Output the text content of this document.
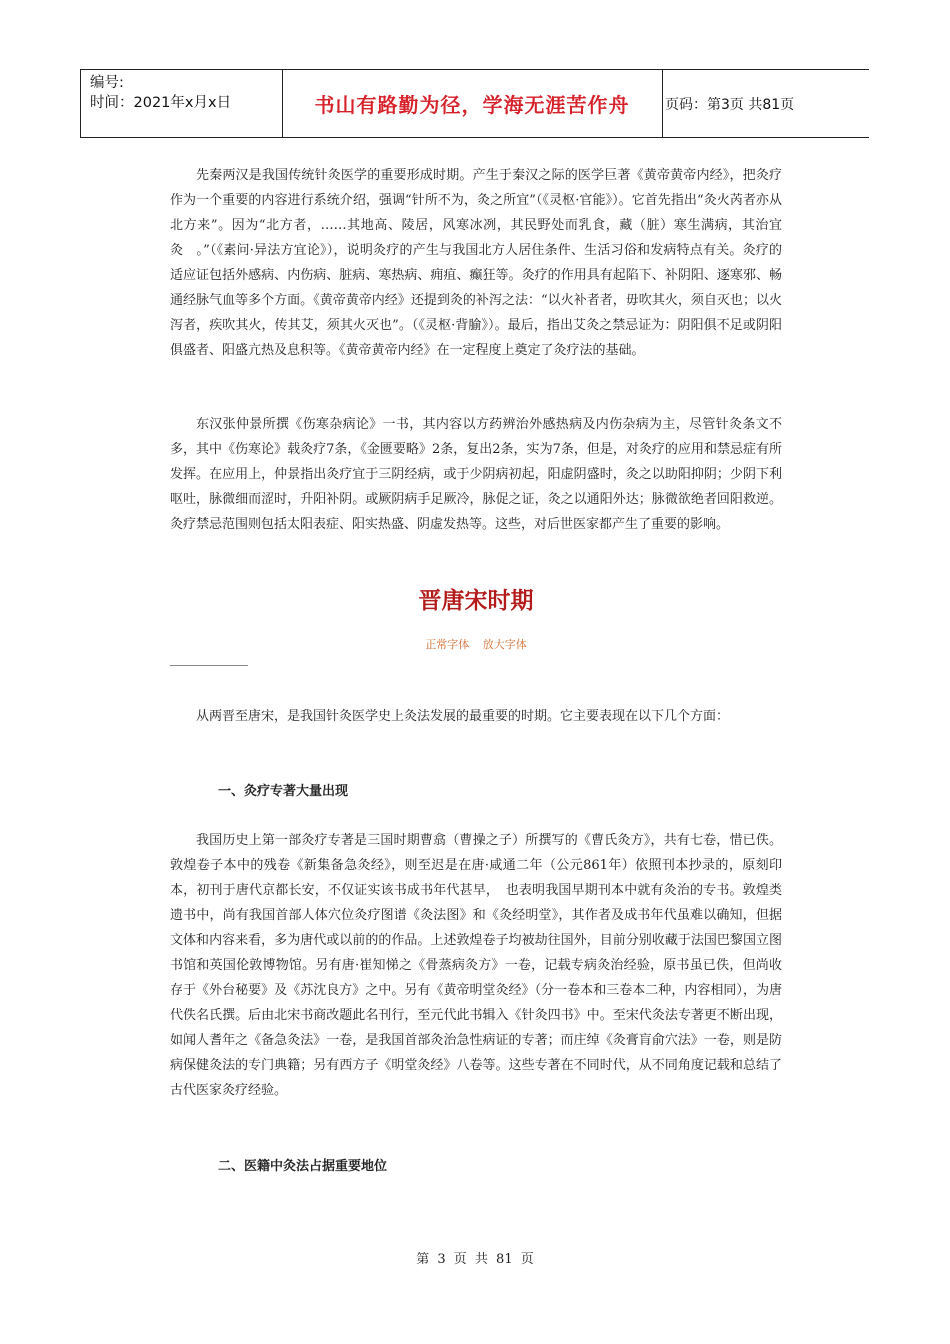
编号:
时间：2021年x月x日	书山有路勤为径，学海无涯苦作舟	页码：第3页 共81页

先秦两汉是我国传统针灸医学的重要形成时期。产生于秦汉之际的医学巨著《黄帝黄帝内经》，把灸疗作为一个重要的内容进行系统介绍，强调“针所不为，灸之所宜”（《灵枢·官能》）。它首先指出“灸火芮者亦从北方来”。因为“北方者，……其地高、陵居，风寒冰冽，其民野处而乳食，藏（脏）寒生满病，其治宜灸　。”（《素问·异法方宜论》），说明灸疗的产生与我国北方人居住条件、生活习俗和发病特点有关。灸疗的适应证包括外感病、内伤病、脏病、寒热病、痈疽、癫狂等。灸疗的作用具有起陷下、补阴阳、逐寒邪、畅通经脉气血等多个方面。《黄帝黄帝内经》还提到灸的补泻之法：“以火补者者，毋吹其火，须自灭也；以火泻者，疾吹其火，传其艾，须其火灭也”。（《灵枢·背腧》）。最后，指出艾灸之禁忌证为：阴阳俱不足或阴阳俱盛者、阳盛亢热及息积等。《黄帝黄帝内经》在一定程度上奠定了灸疗法的基础。

东汉张仲景所撰《伤寒杂病论》一书，其内容以方药辨治外感热病及内伤杂病为主，尽管针灸条文不多，其中《伤寒论》载灸疗7条，《金匮要略》2条，复出2条，实为7条，但是，对灸疗的应用和禁忌症有所发挥。在应用上，仲景指出灸疗宜于三阴经病，或于少阴病初起，阳虚阴盛时，灸之以助阳抑阴；少阴下利呕吐，脉微细而涩时，升阳补阴。或厥阴病手足厥冷，脉促之证，灸之以通阳外达；脉微欲绝者回阳救逆。灸疗禁忌范围则包括太阳表症、阳实热盛、阴虚发热等。这些，对后世医家都产生了重要的影响。

晋唐宋时期
正常字体 放大字体

从两晋至唐宋，是我国针灸医学史上灸法发展的最重要的时期。它主要表现在以下几个方面：

一、灸疗专著大量出现

我国历史上第一部灸疗专著是三国时期曹翕（曹操之子）所撰写的《曹氏灸方》，共有七卷，惜已佚。敦煌卷子本中的残卷《新集备急灸经》，则至迟是在唐·咸通二年（公元861年）依照刊本抄录的，原刻印本，初刊于唐代京都长安，不仅证实该书成书年代甚早，　也表明我国早期刊本中就有灸治的专书。敦煌类遗书中，尚有我国首部人体穴位灸疗图谱《灸法图》和《灸经明堂》，其作者及成书年代虽难以确知，但据文体和内容来看，多为唐代或以前的的作品。上述敦煌卷子均被劫往国外，目前分别收藏于法国巴黎国立图书馆和英国伦敦博物馆。另有唐·崔知悌之《骨蒸病灸方》一卷，记载专病灸治经验，原书虽已佚，但尚收存于《外台秘要》及《苏沈良方》之中。另有《黄帝明堂灸经》（分一卷本和三卷本二种，内容相同），为唐代佚名氏撰。后由北宋书商改题此名刊行，至元代此书辑入《针灸四书》中。至宋代灸法专著更不断出现，如闻人耆年之《备急灸法》一卷，是我国首部灸治急性病证的专著；而庄绰《灸膏肓俞穴法》一卷，则是防病保健灸法的专门典籍；另有西方子《明堂灸经》八卷等。这些专著在不同时代，从不同角度记载和总结了古代医家灸疗经验。

二、医籍中灸法占据重要地位
第 3 页 共 81 页
